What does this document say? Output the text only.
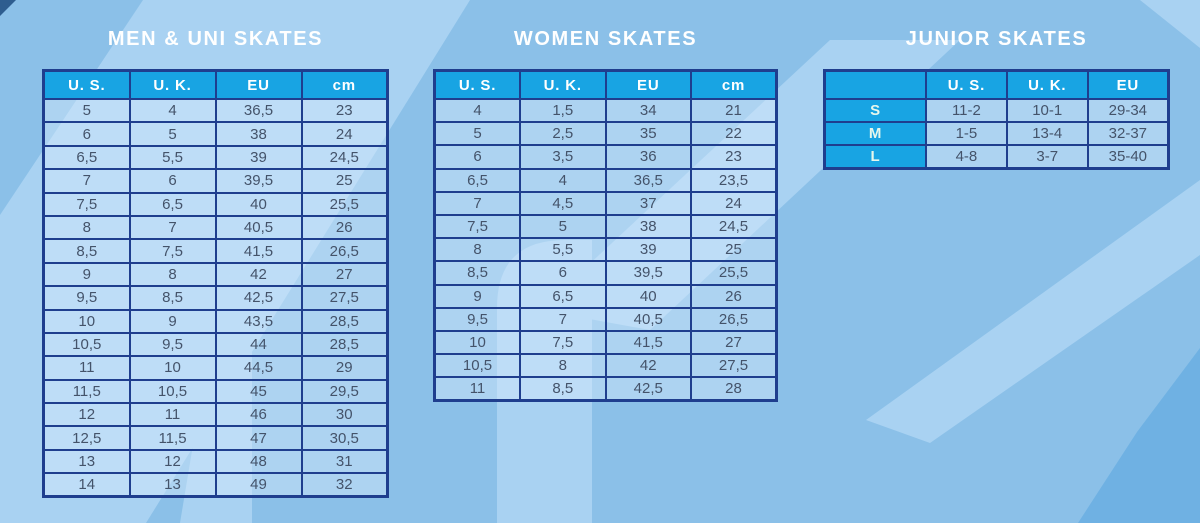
MEN & UNI SKATES
U. S.	U. K.	EU	cm
5	4	36,5	23
6	5	38	24
6,5	5,5	39	24,5
7	6	39,5	25
7,5	6,5	40	25,5
8	7	40,5	26
8,5	7,5	41,5	26,5
9	8	42	27
9,5	8,5	42,5	27,5
10	9	43,5	28,5
10,5	9,5	44	28,5
11	10	44,5	29
11,5	10,5	45	29,5
12	11	46	30
12,5	11,5	47	30,5
13	12	48	31
14	13	49	32
WOMEN SKATES
U. S.	U. K.	EU	cm
4	1,5	34	21
5	2,5	35	22
6	3,5	36	23
6,5	4	36,5	23,5
7	4,5	37	24
7,5	5	38	24,5
8	5,5	39	25
8,5	6	39,5	25,5
9	6,5	40	26
9,5	7	40,5	26,5
10	7,5	41,5	27
10,5	8	42	27,5
11	8,5	42,5	28
JUNIOR SKATES
	U. S.	U. K.	EU
S	11-2	10-1	29-34
M	1-5	13-4	32-37
L	4-8	3-7	35-40
